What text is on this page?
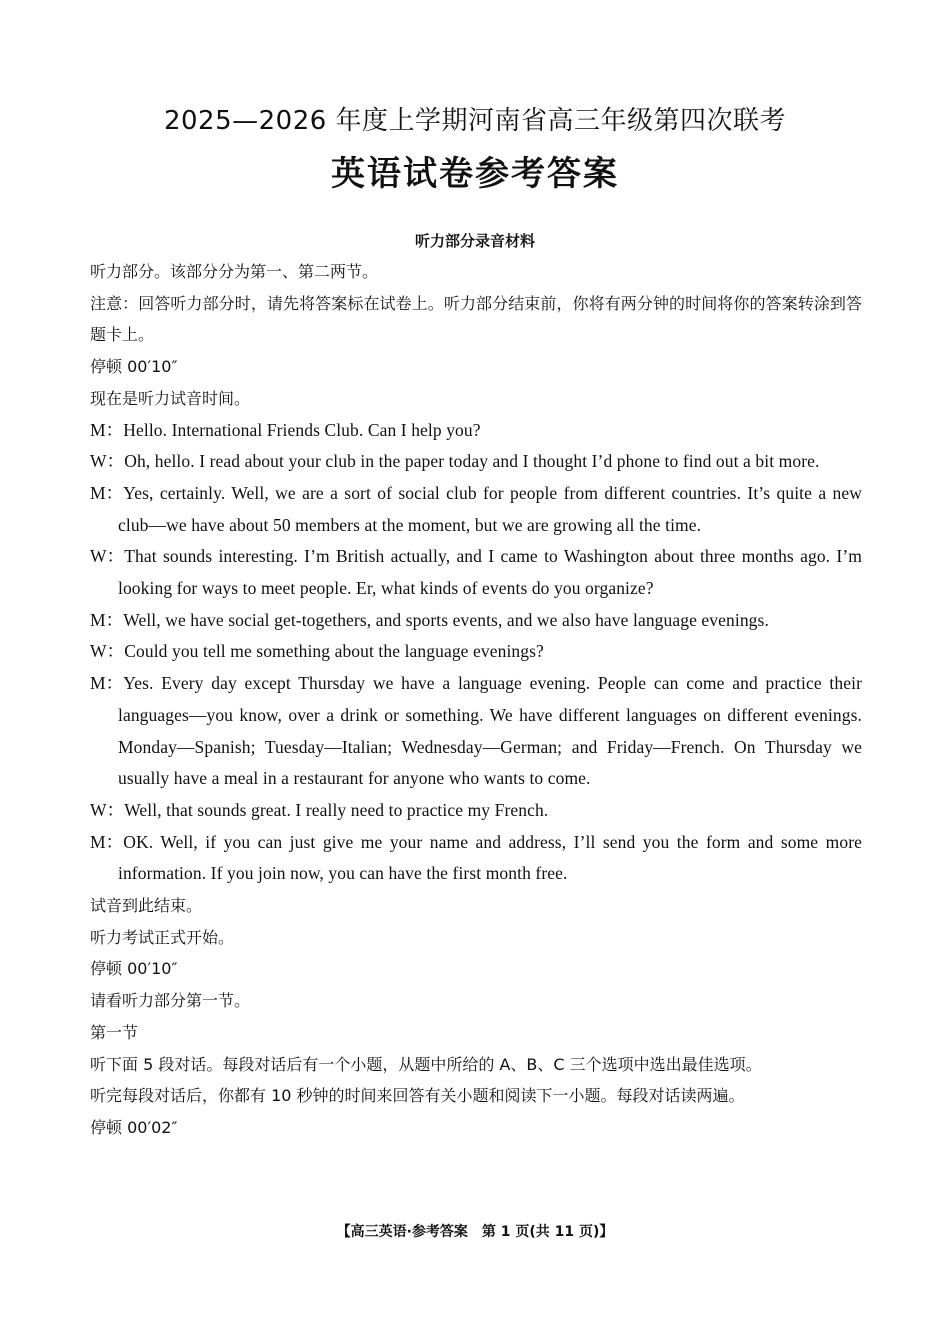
2025—2026 年度上学期河南省高三年级第四次联考
英语试卷参考答案
听力部分录音材料

听力部分。该部分分为第一、第二两节。

注意：回答听力部分时，请先将答案标在试卷上。听力部分结束前，你将有两分钟的时间将你的答案转涂到答题卡上。

停顿 00′10″

现在是听力试音时间。

M：Hello. International Friends Club. Can I help you?

W：Oh, hello. I read about your club in the paper today and I thought I’d phone to find out a bit more.

M：Yes, certainly. Well, we are a sort of social club for people from different countries. It’s quite a new club—we have about 50 members at the moment, but we are growing all the time.

W：That sounds interesting. I’m British actually, and I came to Washington about three months ago. I’m looking for ways to meet people. Er, what kinds of events do you organize?

M：Well, we have social get-togethers, and sports events, and we also have language evenings.

W：Could you tell me something about the language evenings?

M：Yes. Every day except Thursday we have a language evening. People can come and practice their languages—you know, over a drink or something. We have different languages on different evenings. Monday—Spanish; Tuesday—Italian; Wednesday—German; and Friday—French. On Thursday we usually have a meal in a restaurant for anyone who wants to come.

W：Well, that sounds great. I really need to practice my French.

M：OK. Well, if you can just give me your name and address, I’ll send you the form and some more information. If you join now, you can have the first month free.

试音到此结束。

听力考试正式开始。

停顿 00′10″

请看听力部分第一节。

第一节

听下面 5 段对话。每段对话后有一个小题，从题中所给的 A、B、C 三个选项中选出最佳选项。

听完每段对话后，你都有 10 秒钟的时间来回答有关小题和阅读下一小题。每段对话读两遍。

停顿 00′02″

【高三英语·参考答案　第 1 页(共 11 页)】
